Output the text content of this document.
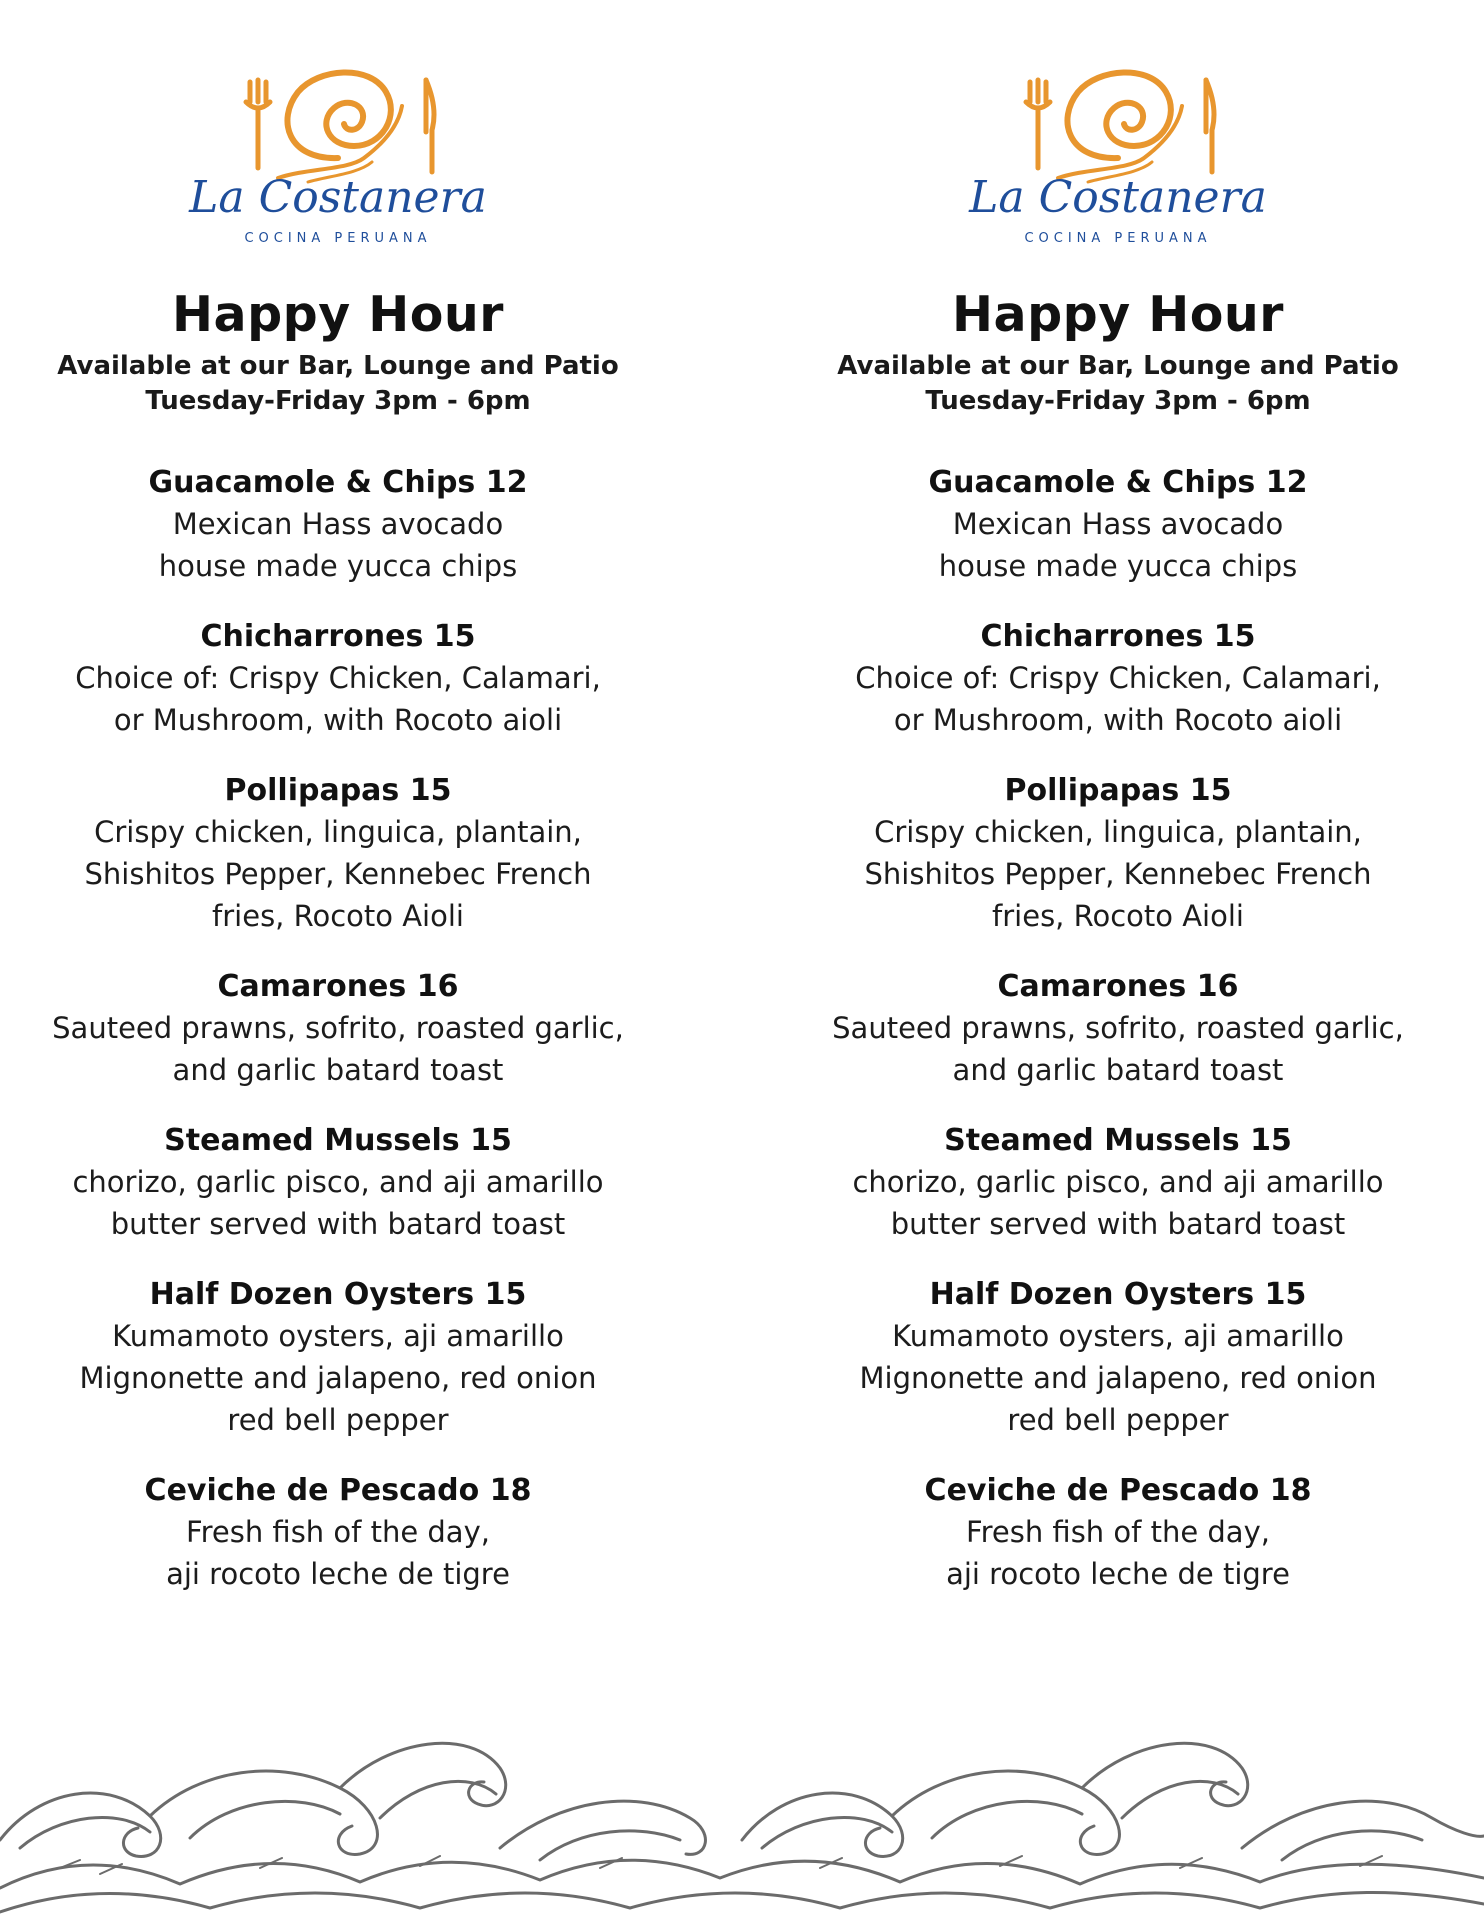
La Costanera
COCINA PERUANA
Happy Hour
Available at our Bar, Lounge and Patio
Tuesday-Friday 3pm - 6pm
Guacamole & Chips 12
Mexican Hass avocado
house made yucca chips
Chicharrones 15
Choice of: Crispy Chicken, Calamari,
or Mushroom, with Rocoto aioli
Pollipapas 15
Crispy chicken, linguica, plantain,
Shishitos Pepper, Kennebec French
fries, Rocoto Aioli
Camarones 16
Sauteed prawns, sofrito, roasted garlic,
and garlic batard toast
Steamed Mussels 15
chorizo, garlic pisco, and aji amarillo
butter served with batard toast
Half Dozen Oysters 15
Kumamoto oysters, aji amarillo
Mignonette and jalapeno, red onion
red bell pepper
Ceviche de Pescado 18
Fresh fish of the day,
aji rocoto leche de tigre
La Costanera
COCINA PERUANA
Happy Hour
Available at our Bar, Lounge and Patio
Tuesday-Friday 3pm - 6pm
Guacamole & Chips 12
Mexican Hass avocado
house made yucca chips
Chicharrones 15
Choice of: Crispy Chicken, Calamari,
or Mushroom, with Rocoto aioli
Pollipapas 15
Crispy chicken, linguica, plantain,
Shishitos Pepper, Kennebec French
fries, Rocoto Aioli
Camarones 16
Sauteed prawns, sofrito, roasted garlic,
and garlic batard toast
Steamed Mussels 15
chorizo, garlic pisco, and aji amarillo
butter served with batard toast
Half Dozen Oysters 15
Kumamoto oysters, aji amarillo
Mignonette and jalapeno, red onion
red bell pepper
Ceviche de Pescado 18
Fresh fish of the day,
aji rocoto leche de tigre
